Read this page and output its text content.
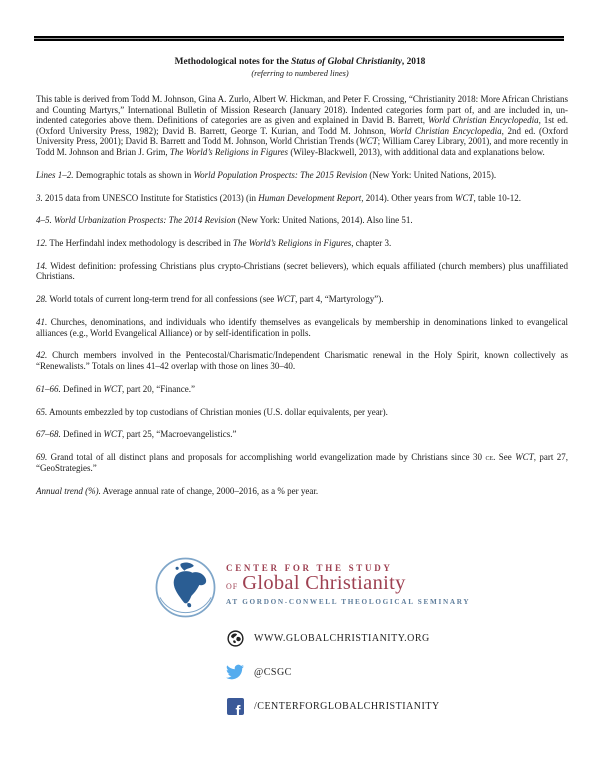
Methodological notes for the Status of Global Christianity, 2018
(referring to numbered lines)

This table is derived from Todd M. Johnson, Gina A. Zurlo, Albert W. Hickman, and Peter F. Crossing, “Christianity 2018: More African Christians and Counting Martyrs,” International Bulletin of Mission Research (January 2018). Indented categories form part of, and are included in, un-indented categories above them. Definitions of categories are as given and explained in David B. Barrett, World Christian Encyclopedia, 1st ed. (Oxford University Press, 1982); David B. Barrett, George T. Kurian, and Todd M. Johnson, World Christian Encyclopedia, 2nd ed. (Oxford University Press, 2001); David B. Barrett and Todd M. Johnson, World Christian Trends (WCT; William Carey Library, 2001), and more recently in Todd M. Johnson and Brian J. Grim, The World’s Religions in Figures (Wiley-Blackwell, 2013), with additional data and explanations below.

Lines 1–2. Demographic totals as shown in World Population Prospects: The 2015 Revision (New York: United Nations, 2015).

3. 2015 data from UNESCO Institute for Statistics (2013) (in Human Development Report, 2014). Other years from WCT, table 10-12.

4–5. World Urbanization Prospects: The 2014 Revision (New York: United Nations, 2014). Also line 51.

12. The Herfindahl index methodology is described in The World’s Religions in Figures, chapter 3.

14. Widest definition: professing Christians plus crypto-Christians (secret believers), which equals affiliated (church members) plus unaffiliated Christians.

28. World totals of current long-term trend for all confessions (see WCT, part 4, “Martyrology”).

41. Churches, denominations, and individuals who identify themselves as evangelicals by membership in denominations linked to evangelical alliances (e.g., World Evangelical Alliance) or by self-identification in polls.

42. Church members involved in the Pentecostal/Charismatic/Independent Charismatic renewal in the Holy Spirit, known collectively as “Renewalists.” Totals on lines 41–42 overlap with those on lines 30–40.

61–66. Defined in WCT, part 20, “Finance.”

65. Amounts embezzled by top custodians of Christian monies (U.S. dollar equivalents, per year).

67–68. Defined in WCT, part 25, “Macroevangelistics.”

69. Grand total of all distinct plans and proposals for accomplishing world evangelization made by Christians since 30 ce. See WCT, part 27, “GeoStrategies.”

Annual trend (%). Average annual rate of change, 2000–2016, as a % per year.

CENTER FOR THE STUDY
of Global Christianity
AT GORDON-CONWELL THEOLOGICAL SEMINARY
WWW.GLOBALCHRISTIANITY.ORG
@CSGC
f /CENTERFORGLOBALCHRISTIANITY
